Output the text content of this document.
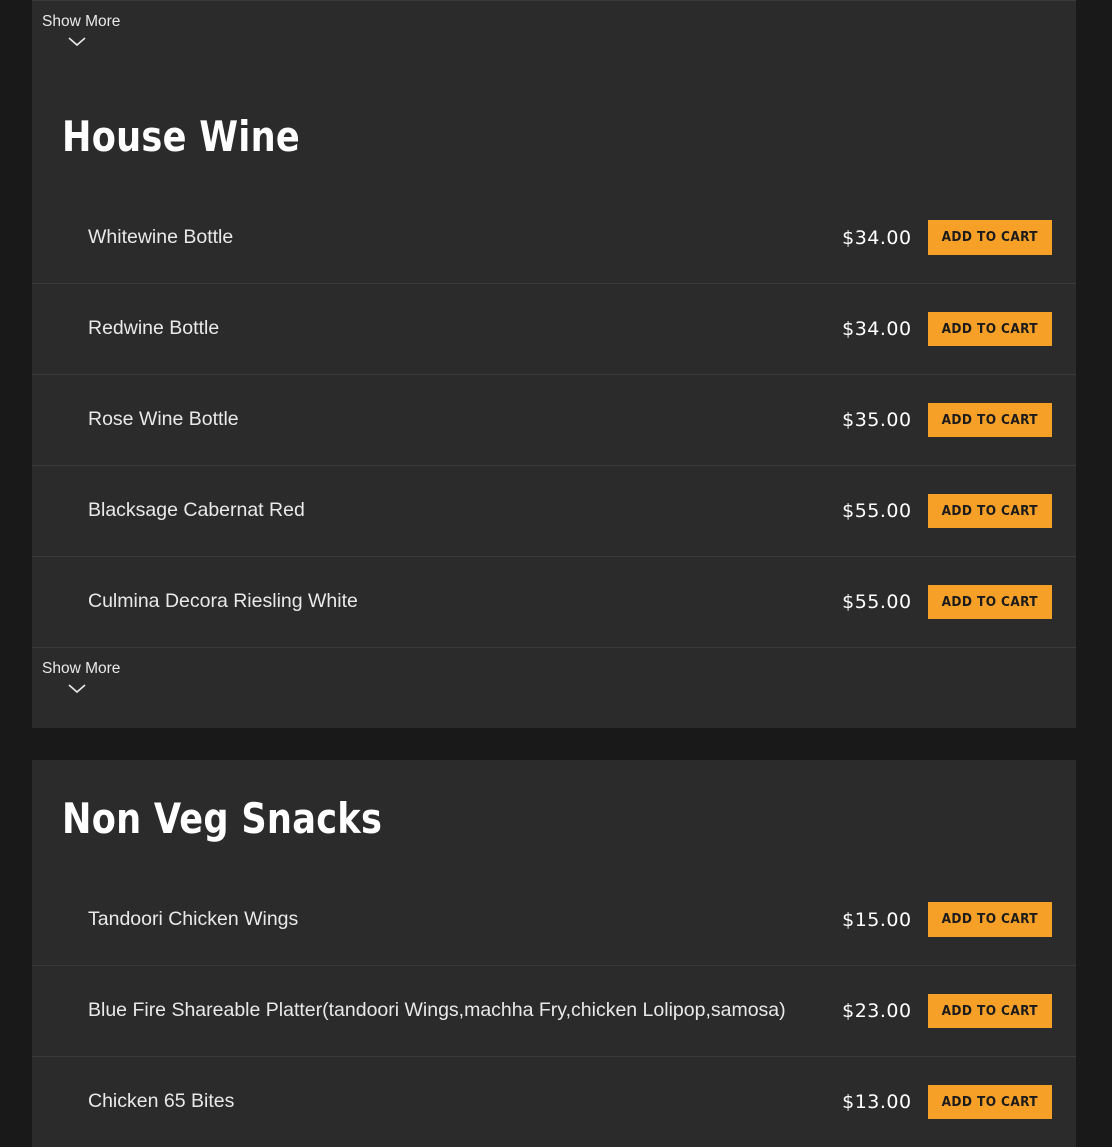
Show More
House Wine
Whitewine Bottle	$34.00	ADD TO CART
Redwine Bottle	$34.00	ADD TO CART
Rose Wine Bottle	$35.00	ADD TO CART
Blacksage Cabernat Red	$55.00	ADD TO CART
Culmina Decora Riesling White	$55.00	ADD TO CART
Show More
Non Veg Snacks
Tandoori Chicken Wings	$15.00	ADD TO CART
Blue Fire Shareable Platter(tandoori Wings,machha Fry,chicken Lolipop,samosa)	$23.00	ADD TO CART
Chicken 65 Bites	$13.00	ADD TO CART
